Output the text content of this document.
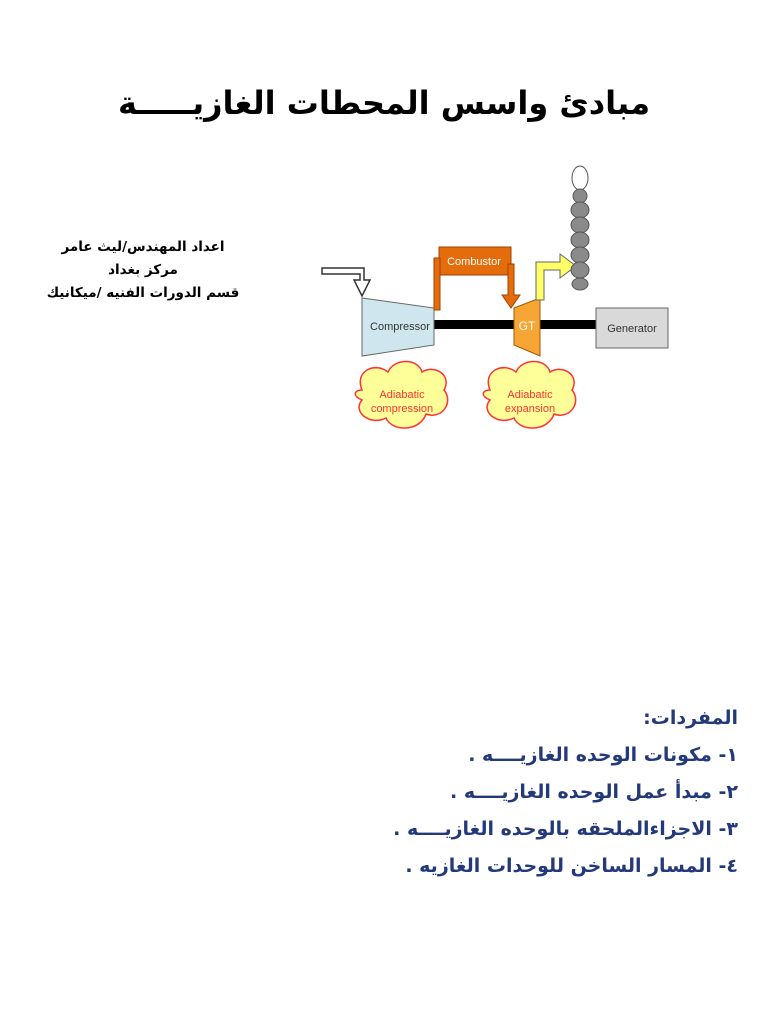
مبادئ واسس المحطات الغازيـــــة
اعداد المهندس/ليث عامر
مركز بغداد
قسم الدورات الفنيه /ميكانيك
Compressor
Combustor
GT	Generator
Adiabatic
compression
Adiabatic
expansion
المفردات:
١- مكونات الوحده الغازيــــه .
٢- مبدأ عمل الوحده الغازيــــه .
٣- الاجزاءالملحقه بالوحده الغازيــــه .
٤- المسار الساخن للوحدات الغازيه .
